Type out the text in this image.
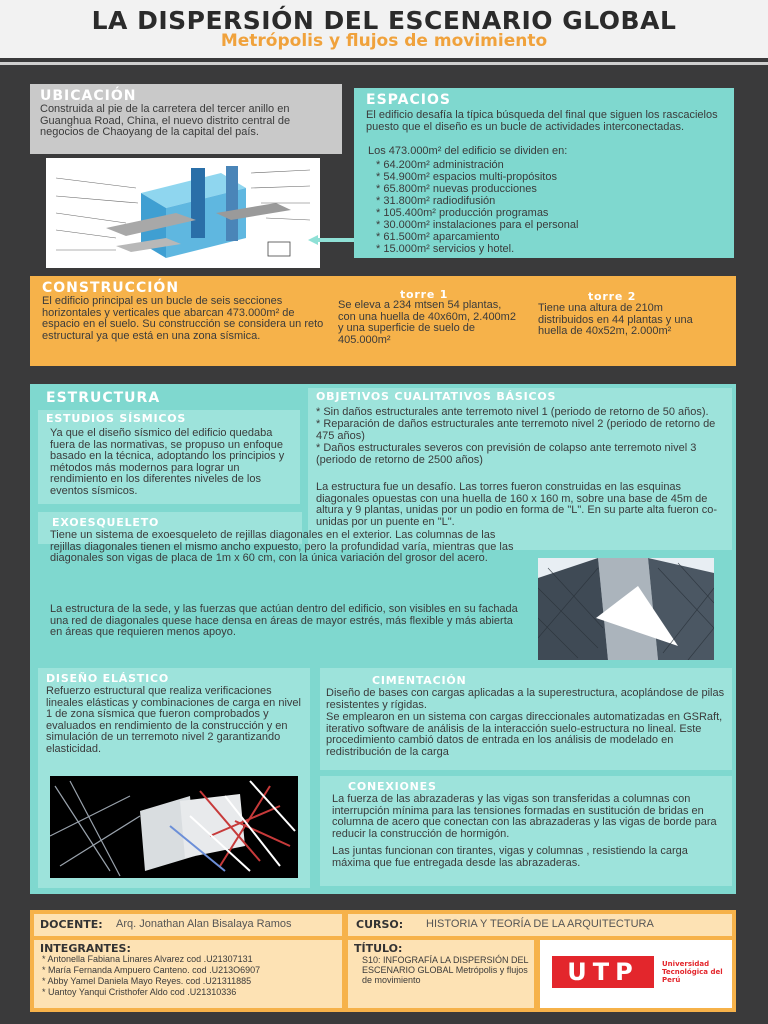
LA DISPERSIÓN DEL ESCENARIO GLOBAL
Metrópolis y flujos de movimiento
UBICACIÓN
Construida al pie de la carretera del tercer anillo en Guanghua Road, China, el nuevo distrito central de negocios de Chaoyang de la capital del país.
ESPACIOS
El edificio desafía la típica búsqueda del final que siguen los rascacielos puesto que el diseño es un bucle de actividades interconectadas.
Los 473.000m² del edificio se dividen en:
* 64.200m² administración
* 54.900m² espacios multi-propósitos
* 65.800m² nuevas producciones
* 31.800m² radiodifusión
* 105.400m² producción programas
* 30.000m² instalaciones para el personal
* 61.500m² aparcamiento
* 15.000m² servicios y hotel.
CONSTRUCCIÓN
El edificio principal es un bucle de seis secciones horizontales y verticales que abarcan 473.000m² de espacio en el suelo. Su construcción se considera un reto estructural ya que está en una zona sísmica.
torre 1
Se eleva a 234 mtsen 54 plantas, con una huella de 40x60m, 2.400m2 y una superficie de suelo de 405.000m²
torre 2
Tiene una altura de 210m distribuidos en 44 plantas y una huella de 40x52m, 2.000m²
ESTRUCTURA
ESTUDIOS SÍSMICOS
Ya que el diseño sísmico del edificio quedaba fuera de las normativas, se propuso un enfoque basado en la técnica, adoptando los principios y métodos más modernos para lograr un rendimiento en los diferentes niveles de los eventos sísmicos.
OBJETIVOS CUALITATIVOS BÁSICOS
* Sin daños estructurales ante terremoto nivel 1 (periodo de retorno de 50 años).
* Reparación de daños estructurales ante terremoto nivel 2 (periodo de retorno de 475 años)
* Daños estructurales severos con previsión de colapso ante terremoto nivel 3 (periodo de retorno de 2500 años)
La estructura fue un desafío. Las torres fueron construidas en las esquinas diagonales opuestas con una huella de 160 x 160 m, sobre una base de 45m de altura y 9 plantas, unidas por un podio en forma de "L". En su parte alta fueron co-unidas por un puente en "L".
EXOESQUELETO
Tiene un sistema de exoesqueleto de rejillas diagonales en el exterior. Las columnas de las rejillas diagonales tienen el mismo ancho expuesto, pero la profundidad varía, mientras que las diagonales son vigas de placa de 1m x 60 cm, con la única variación del grosor del acero.
La estructura de la sede, y las fuerzas que actúan dentro del edificio, son visibles en su fachada una red de diagonales quese hace densa en áreas de mayor estrés, más flexible y más abierta en áreas que requieren menos apoyo.
DISEÑO ELÁSTICO
Refuerzo estructural que realiza verificaciones lineales elásticas y combinaciones de carga en nivel 1 de zona sísmica que fueron comprobados y evaluados en rendimiento de la construcción y en simulación de un terremoto nivel 2 garantizando elasticidad.
CIMENTACIÓN
Diseño de bases con cargas aplicadas a la superestructura, acoplándose de pilas resistentes y rígidas.
Se emplearon en un sistema con cargas direccionales automatizadas en GSRaft, iterativo software de análisis de la interacción suelo-estructura no lineal. Este procedimiento cambió datos de entrada en los análisis de modelado en redistribución de la carga
CONEXIONES
La fuerza de las abrazaderas y las vigas son transferidas a columnas con interrupción mínima para las tensiones formadas en sustitución de bridas en columna de acero que conectan con las abrazaderas y las vigas de borde para reducir la construcción de hormigón.
Las juntas funcionan con tirantes, vigas y columnas , resistiendo la carga máxima que fue entregada desde las abrazaderas.
DOCENTE: Arq. Jonathan Alan Bisalaya Ramos	CURSO: HISTORIA Y TEORÍA DE LA ARQUITECTURA
INTEGRANTES:
* Antonella Fabiana Linares Alvarez cod .U21307131
* María Fernanda Ampuero Canteno. cod .U213O6907
* Abby Yamel Daniela Mayo Reyes. cod .U21311885
* Uantoy Yanqui Cristhofer Aldo cod .U21310336
TÍTULO:
S10: INFOGRAFÍA LA DISPERSIÓN DEL ESCENARIO GLOBAL Metrópolis y flujos de movimiento	UTP	Universidad Tecnológica del Perú
